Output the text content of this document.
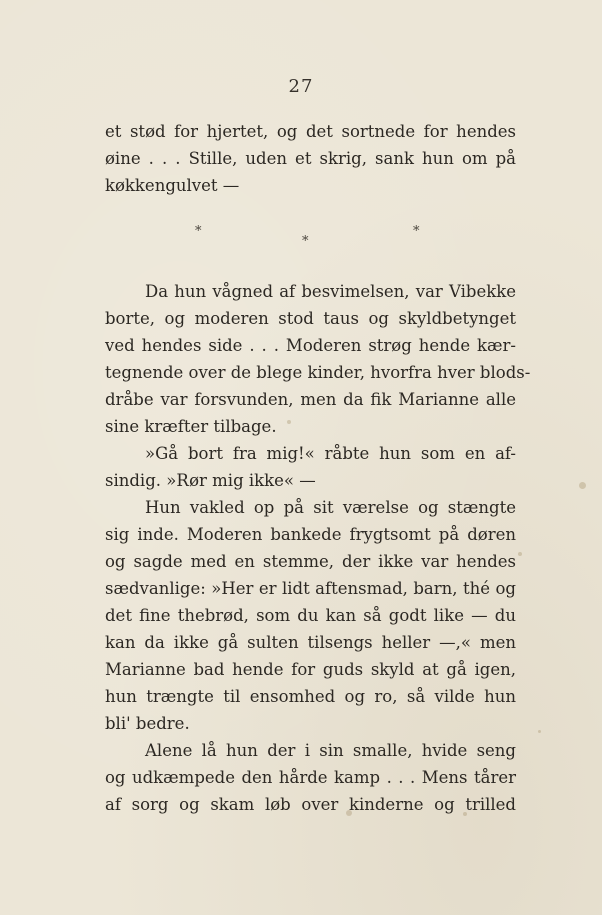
27
et stød for hjertet, og det sortnede for hendes
øine . . . Stille, uden et skrig, sank hun om på
køkkengulvet —
*
*
*
Da hun vågned af besvimelsen, var Vibekke
borte, og moderen stod taus og skyldbetynget
ved hendes side . . . Moderen strøg hende kær-
tegnende over de blege kinder, hvorfra hver blods-
dråbe var forsvunden, men da fik Marianne alle
sine kræfter tilbage.
»Gå bort fra mig!« råbte hun som en af-
sindig. »Rør mig ikke« —
Hun vakled op på sit værelse og stængte
sig inde. Moderen bankede frygtsomt på døren
og sagde med en stemme, der ikke var hendes
sædvanlige: »Her er lidt aftensmad, barn, thé og
det fine thebrød, som du kan så godt like — du
kan da ikke gå sulten tilsengs heller —,« men
Marianne bad hende for guds skyld at gå igen,
hun trængte til ensomhed og ro, så vilde hun
bli' bedre.
Alene lå hun der i sin smalle, hvide seng
og udkæmpede den hårde kamp . . . Mens tårer
af sorg og skam løb over kinderne og trilled
